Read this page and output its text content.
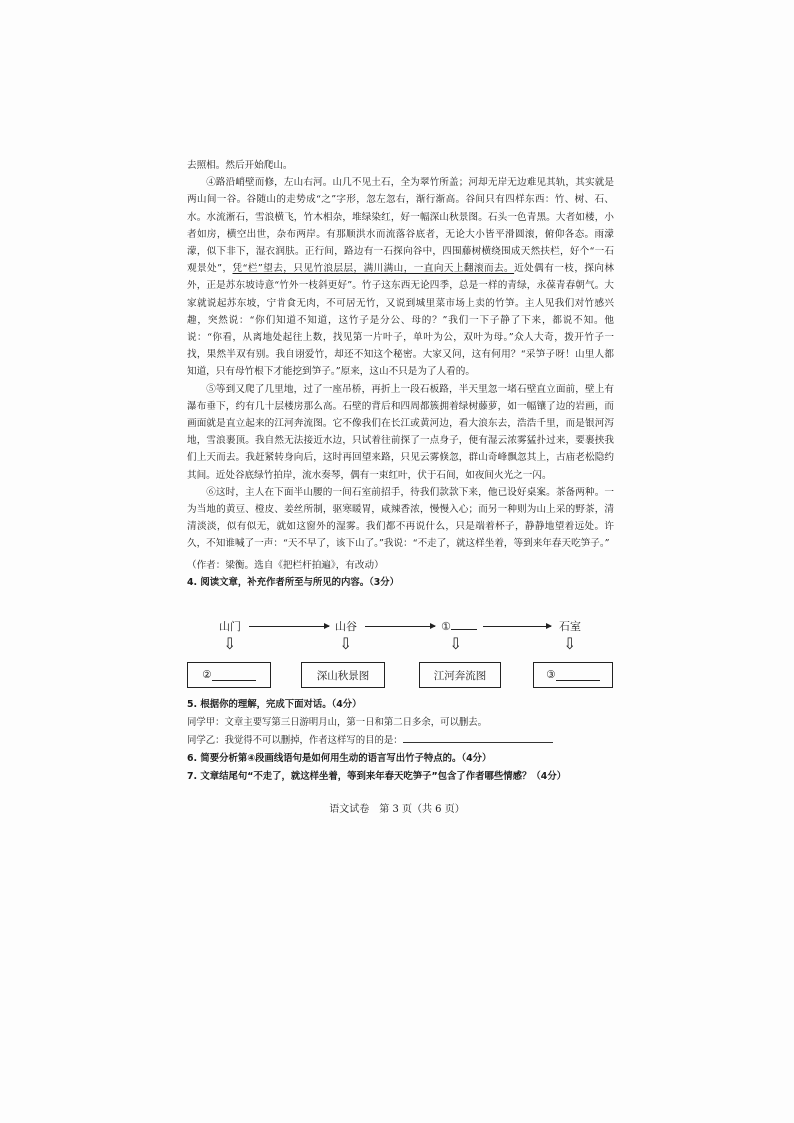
去照相。然后开始爬山。

④路沿峭壁而修，左山右河。山几不见土石，全为翠竹所盖；河却无岸无边难见其轨，其实就是两山间一谷。谷随山的走势成“之”字形，忽左忽右，渐行渐高。谷间只有四样东西：竹、树、石、水。水流淅石，雪浪横飞，竹木相杂，堆绿染红，好一幅深山秋景图。石头一色青黑。大者如楼，小者如房，横空出世，杂布两岸。有那顺洪水而流落谷底者，无论大小皆平滑圆滚，俯仰各态。雨濛濛，似下非下，湿衣润肤。正行间，路边有一石探向谷中，四围藤树横绕围成天然扶栏，好个“一石观景处”，凭“栏”望去，只见竹浪层层，满川满山，一直向天上翻滚而去。近处偶有一枝，探向林外，正是苏东坡诗意“竹外一枝斜更好”。竹子这东西无论四季，总是一样的青绿，永葆青春朝气。大家就说起苏东坡，宁肯食无肉，不可居无竹，又说到城里菜市场上卖的竹笋。主人见我们对竹感兴趣，突然说：“你们知道不知道，这竹子是分公、母的？”我们一下子静了下来，都说不知。他说：“你看，从离地处起往上数，找见第一片叶子，单叶为公，双叶为母。”众人大奇，拨开竹子一找，果然半双有别。我自诩爱竹，却还不知这个秘密。大家又问，这有何用？“采笋子呀！山里人都知道，只有母竹根下才能挖到笋子。”原来，这山不只是为了人看的。

⑤等到又爬了几里地，过了一座吊桥，再折上一段石板路，半天里忽一堵石壁直立面前，壁上有瀑布垂下，约有几十层楼房那么高。石壁的背后和四周都簇拥着绿树藤萝，如一幅镶了边的岩画，而画面就是直立起来的江河奔流图。它不像我们在长江或黄河边，看大浪东去，浩浩千里，而是银河泻地，雪浪裹顶。我自然无法接近水边，只试着往前探了一点身子，便有湿云浓雾猛扑过来，要裹挟我们上天而去。我赶紧转身向后，这时再回望来路，只见云雾倏忽，群山奇峰飘忽其上，古庙老松隐约其间。近处谷底绿竹拍岸，流水奏琴，偶有一束红叶，伏于石间，如夜间火光之一闪。

⑥这时，主人在下面半山腰的一间石室前招手，待我们款款下来，他已设好桌案。茶备两种。一为当地的黄豆、橙皮、姜丝所制，驱寒暖胃，咸辣香浓，慢慢入心；而另一种则为山上采的野茶，清清淡淡，似有似无，就如这窗外的湿雾。我们都不再说什么，只是端着杯子，静静地望着远处。许久，不知谁喊了一声：“天不早了，该下山了。”我说：“不走了，就这样坐着，等到来年春天吃笋子。”

（作者：梁衡。选自《把栏杆拍遍》，有改动）

4. 阅读文章，补充作者所至与所见的内容。（3分）

山门	山谷	①	石室
⇩	⇩	⇩	⇩
②	深山秋景图	江河奔流图	③

5. 根据你的理解，完成下面对话。（4分）

同学甲：文章主要写第三日游明月山，第一日和第二日多余，可以删去。

同学乙：我觉得不可以删掉，作者这样写的目的是：

6. 简要分析第④段画线语句是如何用生动的语言写出竹子特点的。（4分）

7. 文章结尾句“不走了，就这样坐着，等到来年春天吃笋子”包含了作者哪些情感？（4分）

语文试卷　第 3 页（共 6 页）
